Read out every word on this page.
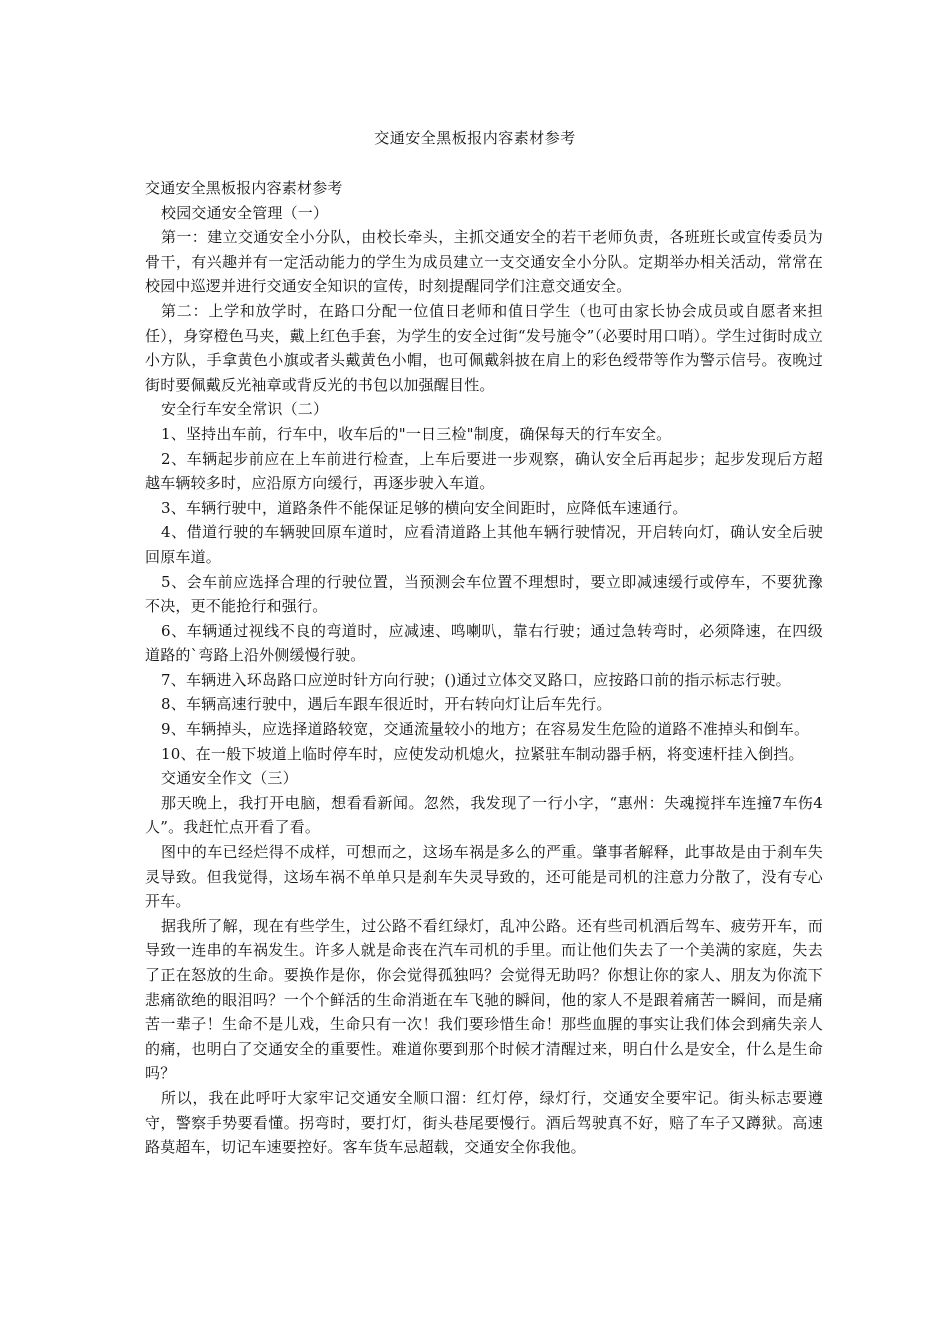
交通安全黑板报内容素材参考

交通安全黑板报内容素材参考

校园交通安全管理（一）

第一：建立交通安全小分队，由校长牵头，主抓交通安全的若干老师负责，各班班长或宣传委员为骨干，有兴趣并有一定活动能力的学生为成员建立一支交通安全小分队。定期举办相关活动，常常在校园中巡逻并进行交通安全知识的宣传，时刻提醒同学们注意交通安全。

第二：上学和放学时，在路口分配一位值日老师和值日学生（也可由家长协会成员或自愿者来担任），身穿橙色马夹，戴上红色手套，为学生的安全过街“发号施令”（必要时用口哨）。学生过街时成立小方队，手拿黄色小旗或者头戴黄色小帽，也可佩戴斜披在肩上的彩色绶带等作为警示信号。夜晚过街时要佩戴反光袖章或背反光的书包以加强醒目性。

安全行车安全常识（二）

1、坚持出车前，行车中，收车后的"一日三检"制度，确保每天的行车安全。

2、车辆起步前应在上车前进行检查，上车后要进一步观察，确认安全后再起步；起步发现后方超越车辆较多时，应沿原方向缓行，再逐步驶入车道。

3、车辆行驶中，道路条件不能保证足够的横向安全间距时，应降低车速通行。

4、借道行驶的车辆驶回原车道时，应看清道路上其他车辆行驶情况，开启转向灯，确认安全后驶回原车道。

5、会车前应选择合理的行驶位置，当预测会车位置不理想时，要立即减速缓行或停车，不要犹豫不决，更不能抢行和强行。

6、车辆通过视线不良的弯道时，应减速、鸣喇叭，靠右行驶；通过急转弯时，必须降速，在四级道路的`弯路上沿外侧缓慢行驶。

7、车辆进入环岛路口应逆时针方向行驶；()通过立体交叉路口，应按路口前的指示标志行驶。

8、车辆高速行驶中，遇后车跟车很近时，开右转向灯让后车先行。

9、车辆掉头，应选择道路较宽，交通流量较小的地方；在容易发生危险的道路不准掉头和倒车。

10、在一般下坡道上临时停车时，应使发动机熄火，拉紧驻车制动器手柄，将变速杆挂入倒挡。

交通安全作文（三）

那天晚上，我打开电脑，想看看新闻。忽然，我发现了一行小字，“惠州：失魂搅拌车连撞7车伤4人”。我赶忙点开看了看。

图中的车已经烂得不成样，可想而之，这场车祸是多么的严重。肇事者解释，此事故是由于刹车失灵导致。但我觉得，这场车祸不单单只是刹车失灵导致的，还可能是司机的注意力分散了，没有专心开车。

据我所了解，现在有些学生，过公路不看红绿灯，乱冲公路。还有些司机酒后驾车、疲劳开车，而导致一连串的车祸发生。许多人就是命丧在汽车司机的手里。而让他们失去了一个美满的家庭，失去了正在怒放的生命。要换作是你，你会觉得孤独吗？会觉得无助吗？你想让你的家人、朋友为你流下悲痛欲绝的眼泪吗？一个个鲜活的生命消逝在车飞驰的瞬间，他的家人不是跟着痛苦一瞬间，而是痛苦一辈子！生命不是儿戏，生命只有一次！我们要珍惜生命！那些血腥的事实让我们体会到痛失亲人的痛，也明白了交通安全的重要性。难道你要到那个时候才清醒过来，明白什么是安全，什么是生命吗？

所以，我在此呼吁大家牢记交通安全顺口溜：红灯停，绿灯行，交通安全要牢记。街头标志要遵守，警察手势要看懂。拐弯时，要打灯，街头巷尾要慢行。酒后驾驶真不好，赔了车子又蹲狱。高速路莫超车，切记车速要控好。客车货车忌超载，交通安全你我他。
